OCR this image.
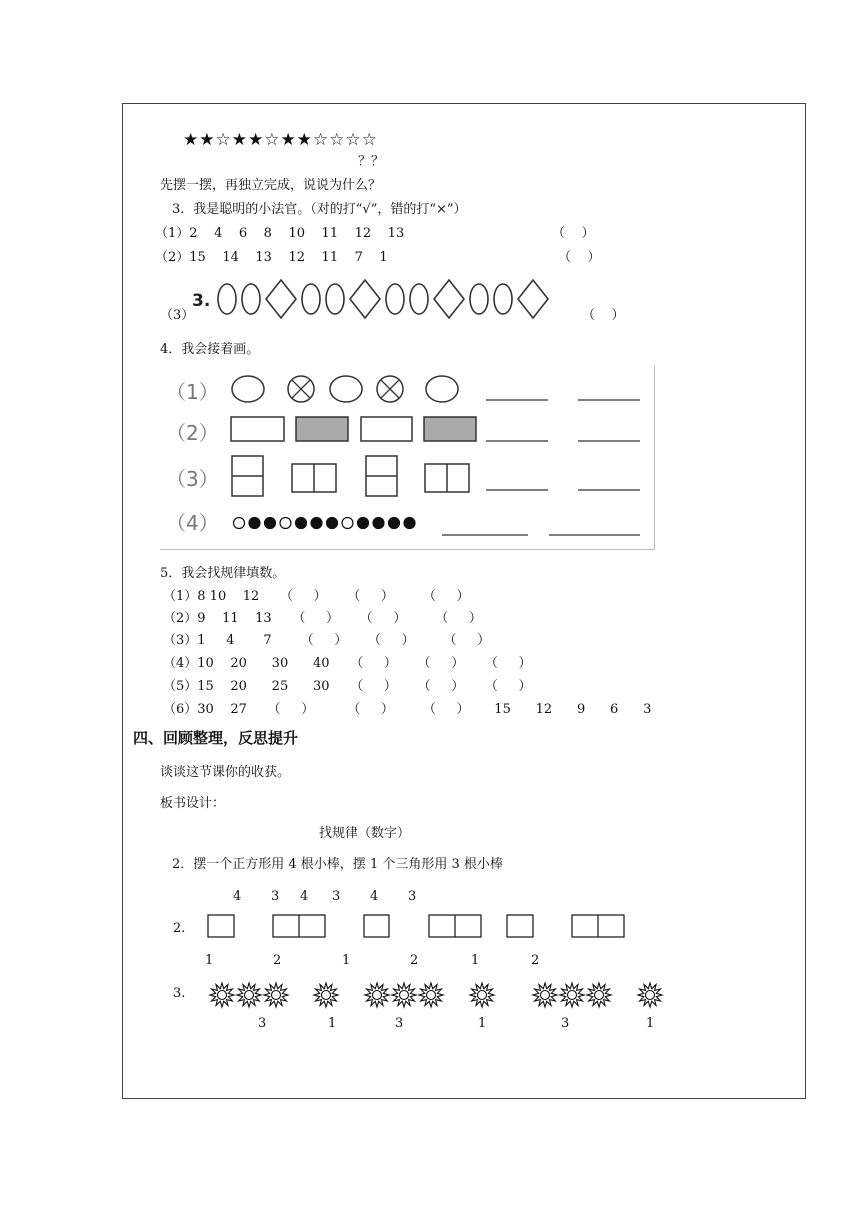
★★☆★★☆★★☆☆☆☆
？？
先摆一摆，再独立完成，说说为什么？
3．我是聪明的小法官。（对的打“√”，错的打“×”）
（1）2    4    6    8    10    11    12    13	（    ）
（2）15    14    13    12    11    7    1	（    ）
（3）	（    ）
3.
4．我会接着画。
（1）
（2）
（3）
（4）
5．我会找规律填数。
（1）8 10    12     （     ）     （     ）       （     ）
（2）9    11    13     （     ）     （     ）       （     ）
（3）1     4       7       （     ）     （     ）       （     ）
（4）10    20      30      40     （     ）     （     ）     （     ）
（5）15    20      25      30     （     ）     （     ）     （     ）
（6）30    27     （     ）        （     ）       （     ）      15      12      9      6      3
四、回顾整理，反思提升
谈谈这节课你的收获。
板书设计：
找规律（数字）
2．摆一个正方形用 4 根小棒，摆 1 个三角形用 3 根小棒
4 3 4 3 4 3
2.
1	2	1	2	1	2
3.
3	1	3	1	3	1
